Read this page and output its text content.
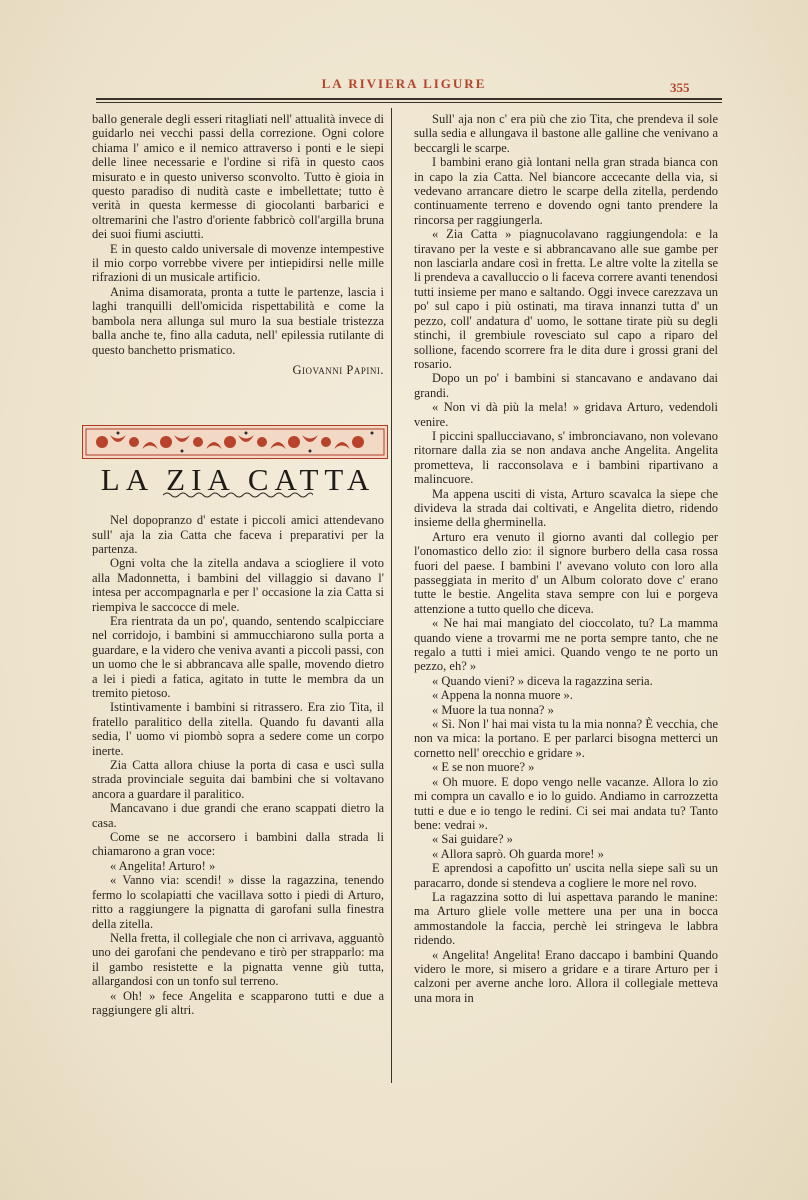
LA RIVIERA LIGURE	355

ballo generale degli esseri ritagliati nell' attualità invece di guidarlo nei vecchi passi della correzione. Ogni colore chiama l' amico e il nemico attraverso i ponti e le siepi delle linee necessarie e l'ordine si rifà in questo caos misurato e in questo universo sconvolto. Tutto è gioia in questo paradiso di nudità caste e imbellettate; tutto è verità in questa kermesse di giocolanti barbarici e oltremarini che l'astro d'oriente fabbricò coll'argilla bruna dei suoi fiumi asciutti.

E in questo caldo universale di movenze intempestive il mio corpo vorrebbe vivere per intiepidirsi nelle mille rifrazioni di un musicale artificio.

Anima disamorata, pronta a tutte le partenze, lascia i laghi tranquilli dell'omicida rispettabilità e come la bambola nera allunga sul muro la sua bestiale tristezza balla anche te, fino alla caduta, nell' epilessia rutilante di questo banchetto prismatico.

Giovanni Papini.

LA ZIA CATTA

Nel dopopranzo d' estate i piccoli amici attendevano sull' aja la zia Catta che faceva i preparativi per la partenza.

Ogni volta che la zitella andava a sciogliere il voto alla Madonnetta, i bambini del villaggio si davano l' intesa per accompagnarla e per l' occasione la zia Catta si riempiva le saccocce di mele.

Era rientrata da un po', quando, sentendo scalpicciare nel corridojo, i bambini si ammucchiarono sulla porta a guardare, e la videro che veniva avanti a piccoli passi, con un uomo che le si abbrancava alle spalle, movendo dietro a lei i piedi a fatica, agitato in tutte le membra da un tremito pietoso.

Istintivamente i bambini si ritrassero. Era zio Tita, il fratello paralitico della zitella. Quando fu davanti alla sedia, l' uomo vi piombò sopra a sedere come un corpo inerte.

Zia Catta allora chiuse la porta di casa e uscì sulla strada provinciale seguita dai bambini che si voltavano ancora a guardare il paralitico.

Mancavano i due grandi che erano scappati dietro la casa.

Come se ne accorsero i bambini dalla strada li chiamarono a gran voce:

« Angelita! Arturo! »

« Vanno via: scendi! » disse la ragazzina, tenendo fermo lo scolapiatti che vacillava sotto i piedi di Arturo, ritto a raggiungere la pignatta di garofani sulla finestra della zitella.

Nella fretta, il collegiale che non ci arrivava, agguantò uno dei garofani che pendevano e tirò per strapparlo: ma il gambo resistette e la pignatta venne giù tutta, allargandosi con un tonfo sul terreno.

« Oh! » fece Angelita e scapparono tutti e due a raggiungere gli altri.

Sull' aja non c' era più che zio Tita, che prendeva il sole sulla sedia e allungava il bastone alle galline che venivano a beccargli le scarpe.

I bambini erano già lontani nella gran strada bianca con in capo la zia Catta. Nel biancore accecante della via, si vedevano arrancare dietro le scarpe della zitella, perdendo continuamente terreno e dovendo ogni tanto prendere la rincorsa per raggiungerla.

« Zia Catta » piagnucolavano raggiungendola: e la tiravano per la veste e si abbrancavano alle sue gambe per non lasciarla andare così in fretta. Le altre volte la zitella se li prendeva a cavalluccio o li faceva correre avanti tenendosi tutti insieme per mano e saltando. Oggi invece carezzava un po' sul capo i più ostinati, ma tirava innanzi tutta d' un pezzo, coll' andatura d' uomo, le sottane tirate più su degli stinchi, il grembiule rovesciato sul capo a riparo del sollione, facendo scorrere fra le dita dure i grossi grani del rosario.

Dopo un po' i bambini si stancavano e andavano dai grandi.

« Non vi dà più la mela! » gridava Arturo, vedendoli venire.

I piccini spallucciavano, s' imbronciavano, non volevano ritornare dalla zia se non andava anche Angelita. Angelita prometteva, li racconsolava e i bambini ripartivano a malincuore.

Ma appena usciti di vista, Arturo scavalca la siepe che divideva la strada dai coltivati, e Angelita dietro, ridendo insieme della gherminella.

Arturo era venuto il giorno avanti dal collegio per l'onomastico dello zio: il signore burbero della casa rossa fuori del paese. I bambini l' avevano voluto con loro alla passeggiata in merito d' un Album colorato dove c' erano tutte le bestie. Angelita stava sempre con lui e porgeva attenzione a tutto quello che diceva.

« Ne hai mai mangiato del cioccolato, tu? La mamma quando viene a trovarmi me ne porta sempre tanto, che ne regalo a tutti i miei amici. Quando vengo te ne porto un pezzo, eh? »

« Quando vieni? » diceva la ragazzina seria.

« Appena la nonna muore ».

« Muore la tua nonna? »

« Sì. Non l' hai mai vista tu la mia nonna? È vecchia, che non va mica: la portano. E per parlarci bisogna metterci un cornetto nell' orecchio e gridare ».

« E se non muore? »

« Oh muore. E dopo vengo nelle vacanze. Allora lo zio mi compra un cavallo e io lo guido. Andiamo in carrozzetta tutti e due e io tengo le redini. Ci sei mai andata tu? Tanto bene: vedrai ».

« Sai guidare? »

« Allora saprò. Oh guarda more! »

E aprendosi a capofitto un' uscita nella siepe salì su un paracarro, donde si stendeva a cogliere le more nel rovo.

La ragazzina sotto di lui aspettava parando le manine: ma Arturo gliele volle mettere una per una in bocca ammostandole la faccia, perchè lei stringeva le labbra ridendo.

« Angelita! Angelita! Erano daccapo i bambini Quando videro le more, si misero a gridare e a tirare Arturo per i calzoni per averne anche loro. Allora il collegiale metteva una mora in
